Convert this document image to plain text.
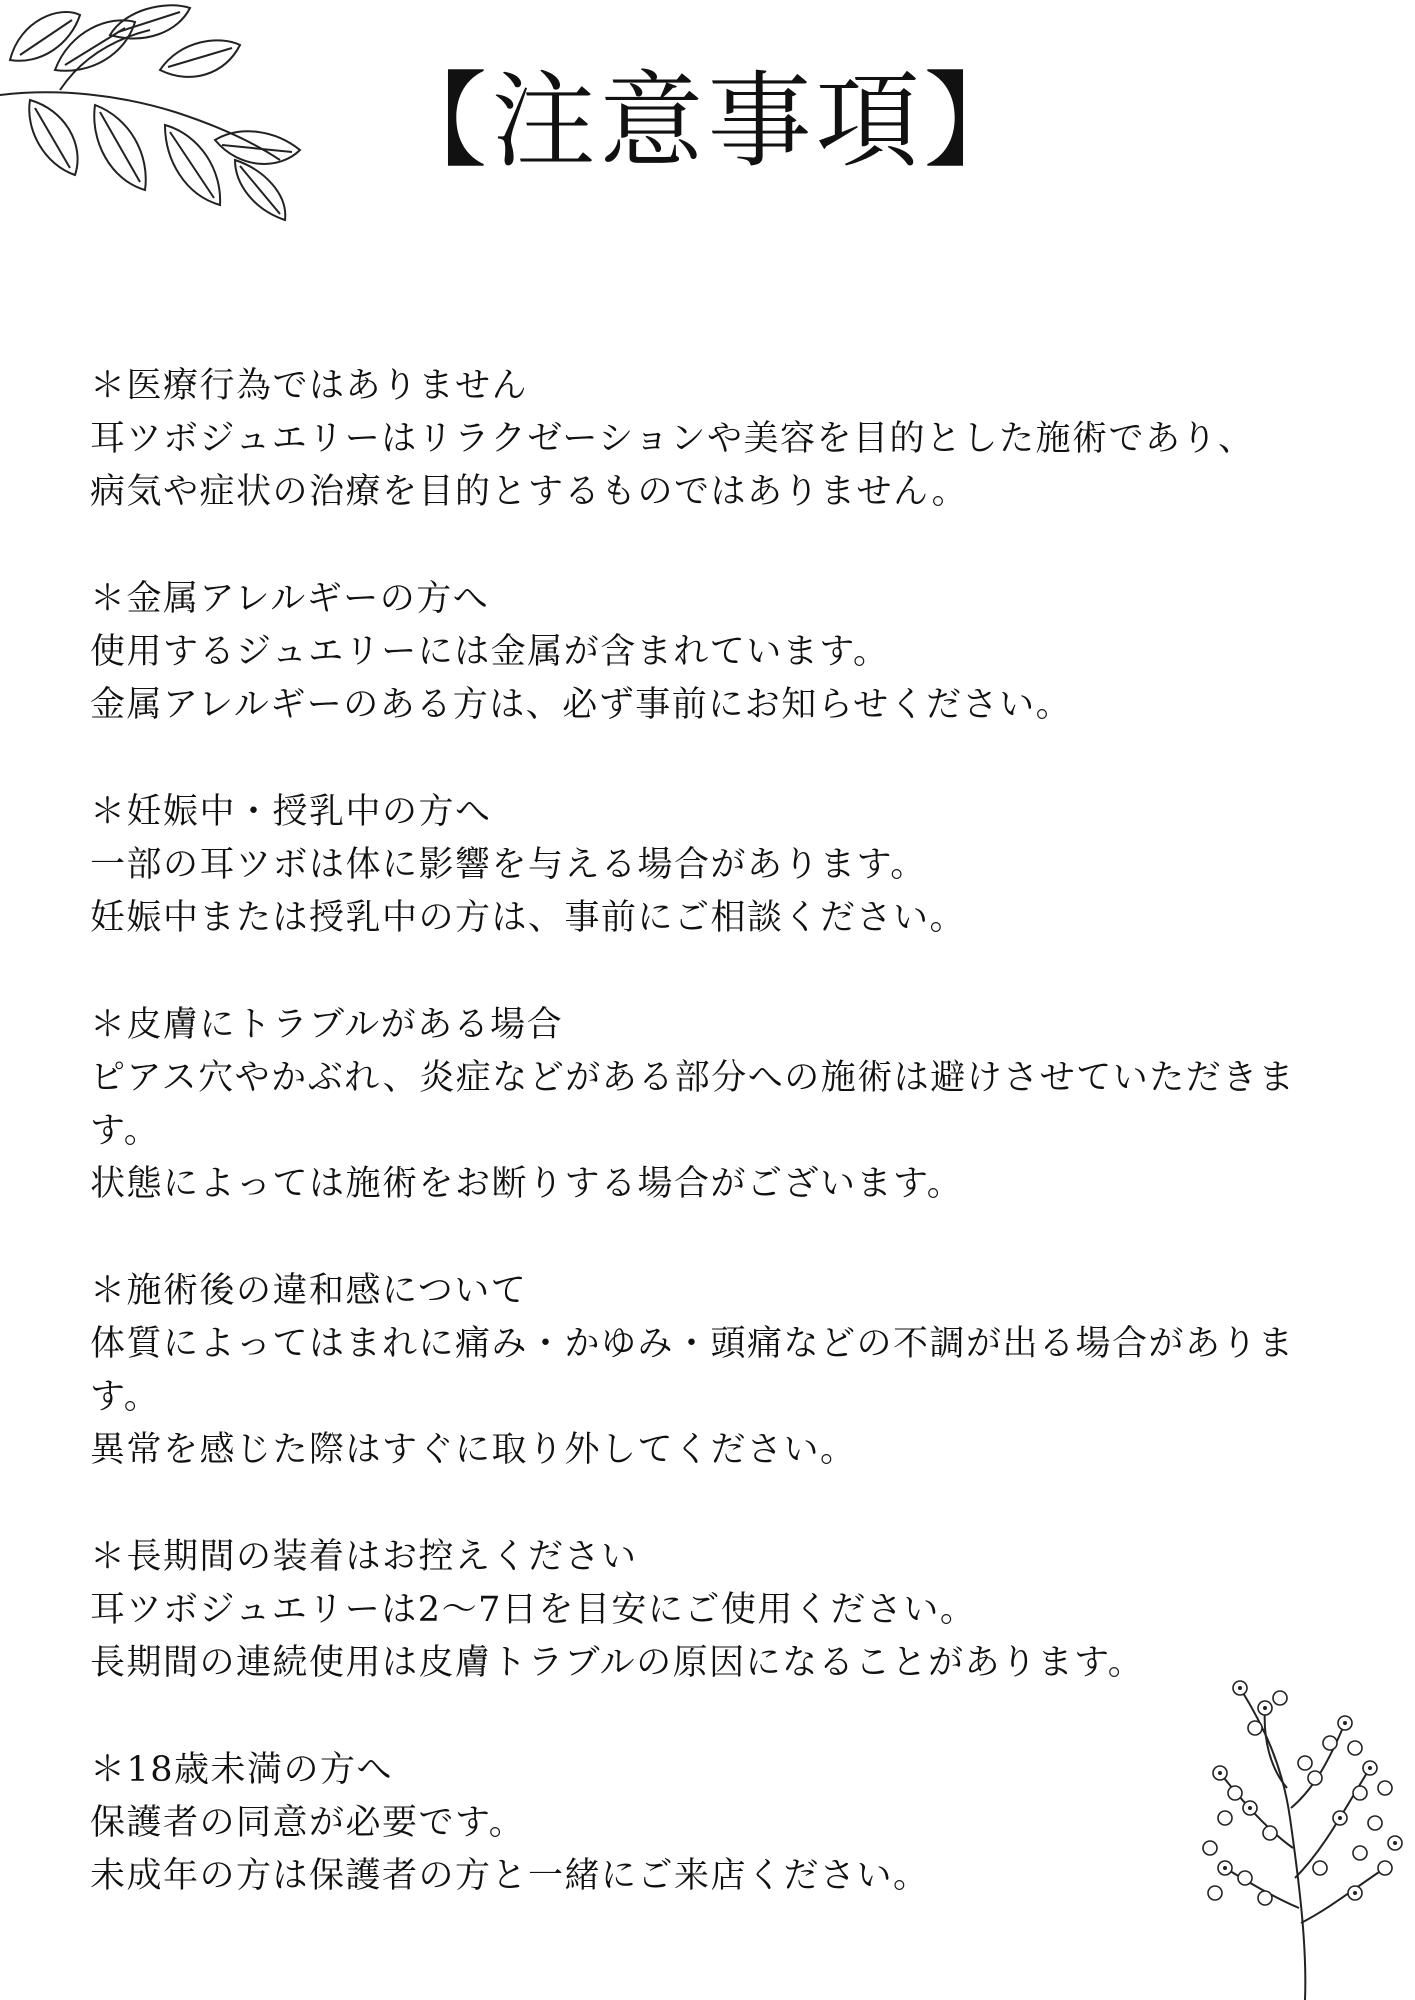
【注意事項】
＊医療行為ではありません
耳ツボジュエリーはリラクゼーションや美容を目的とした施術であり、
病気や症状の治療を目的とするものではありません。
＊金属アレルギーの方へ
使用するジュエリーには金属が含まれています。
金属アレルギーのある方は、必ず事前にお知らせください。
＊妊娠中・授乳中の方へ
一部の耳ツボは体に影響を与える場合があります。
妊娠中または授乳中の方は、事前にご相談ください。
＊皮膚にトラブルがある場合
ピアス穴やかぶれ、炎症などがある部分への施術は避けさせていただきま
す。
状態によっては施術をお断りする場合がございます。
＊施術後の違和感について
体質によってはまれに痛み・かゆみ・頭痛などの不調が出る場合がありま
す。
異常を感じた際はすぐに取り外してください。
＊長期間の装着はお控えください
耳ツボジュエリーは2〜7日を目安にご使用ください。
長期間の連続使用は皮膚トラブルの原因になることがあります。
＊18歳未満の方へ
保護者の同意が必要です。
未成年の方は保護者の方と一緒にご来店ください。
